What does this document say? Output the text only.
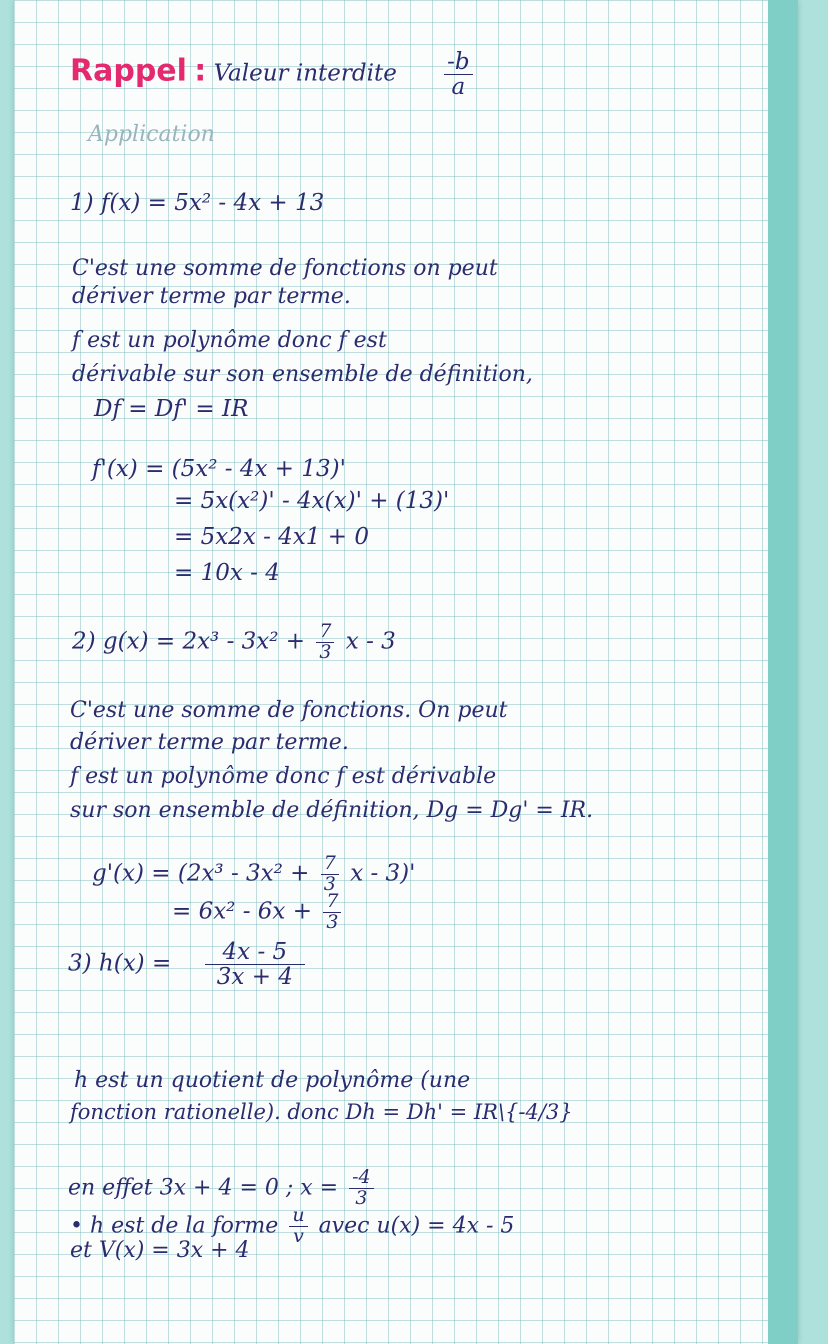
Rappel : Valeur interdite $\frac{-b}{a}$
Application
1) f(x) = 5x² - 4x + 13
C'est une somme de fonctions on peut
dériver terme par terme.
f est un polynôme donc f est
dérivable sur son ensemble de définition,
Df = Df' = IR
f'(x) = (5x² - 4x + 13)'
= 5x(x²)' - 4x(x)' + (13)'
= 5x2x - 4x1 + 0
= 10x - 4
2) $g(x) = 2x^3 - 3x^2 + \frac{7}{3}$ x - 3
C'est une somme de fonctions. On peut
dériver terme par terme.
f est un polynôme donc f est dérivable
sur son ensemble de définition, Dg = Dg' = IR.
$g'(x) = (2x^3 - 3x^2 + \frac{7}{3}$ x - 3)'
= $6x^2 - 6x + \frac{7}{3}$
3) $h(x) = \frac{4x - 5}{3x + 4}$
h est un quotient de polynôme (une
fonction rationelle). donc Dh = Dh' = IR\{-4/3}
en effet 3x + 4 = 0 ; $x = \frac{-4}{3}$
• h est de la forme $\frac{u}{v}$ avec u(x) = 4x - 5
et V(x) = 3x + 4
